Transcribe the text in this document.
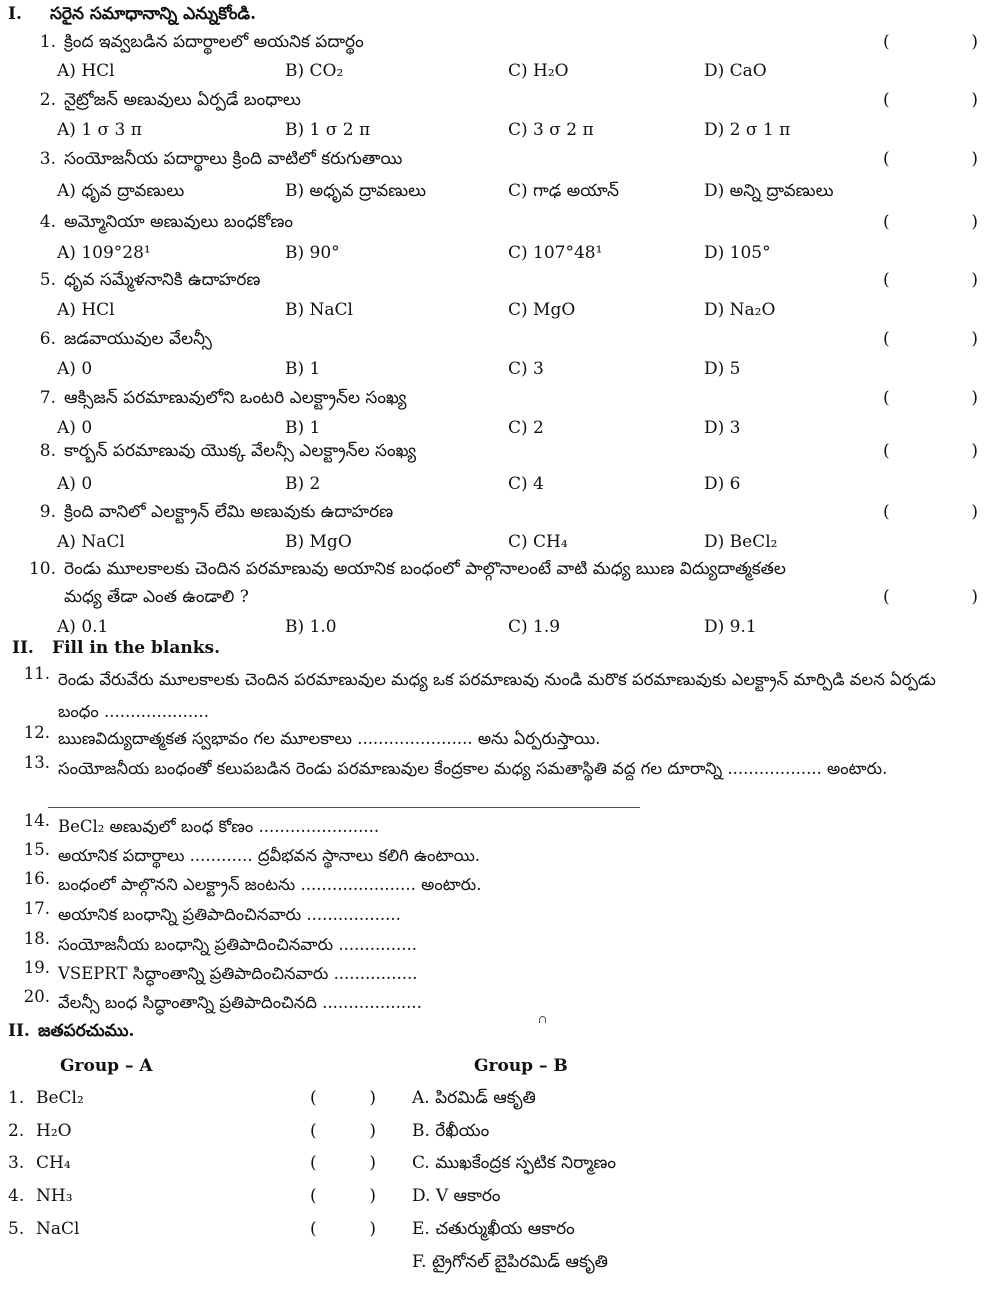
I. సరైన సమాధానాన్ని ఎన్నుకోండి.
1. క్రింద ఇవ్వబడిన పదార్థాలలో అయనిక పదార్థం	(	)
A) HCl	B) CO₂	C) H₂O	D) CaO
2. నైట్రోజన్ అణువులు ఏర్పడే బంధాలు	(	)
A) 1 σ 3 π	B) 1 σ 2 π	C) 3 σ 2 π	D) 2 σ 1 π
3. సంయోజనీయ పదార్థాలు క్రింది వాటిలో కరుగుతాయి	(	)
A) ధృవ ద్రావణులు	B) అధృవ ద్రావణులు	C) గాఢ అయాన్	D) అన్ని ద్రావణులు
4. అమ్మోనియా అణువులు బంధకోణం	(	)
A) 109°28¹	B) 90°	C) 107°48¹	D) 105°
5. ధృవ సమ్మేళనానికి ఉదాహరణ	(	)
A) HCl	B) NaCl	C) MgO	D) Na₂O
6. జడవాయువుల వేలన్సీ	(	)
A) 0	B) 1	C) 3	D) 5
7. ఆక్సిజన్ పరమాణువులోని ఒంటరి ఎలక్ట్రాన్‌ల సంఖ్య	(	)
A) 0	B) 1	C) 2	D) 3
8. కార్బన్ పరమాణువు యొక్క వేలన్సీ ఎలక్ట్రాన్‌ల సంఖ్య	(	)
A) 0	B) 2	C) 4	D) 6
9. క్రింది వానిలో ఎలక్ట్రాన్ లేమి అణువుకు ఉదాహరణ	(	)
A) NaCl	B) MgO	C) CH₄	D) BeCl₂
10. రెండు మూలకాలకు చెందిన పరమాణువు అయానిక బంధంలో పాల్గొనాలంటే వాటి మధ్య ఋణ విద్యుదాత్మకతల
మధ్య తేడా ఎంత ఉండాలి ?	(	)
A) 0.1	B) 1.0	C) 1.9	D) 9.1
II. Fill in the blanks.
11. రెండు వేరువేరు మూలకాలకు చెందిన పరమాణువుల మధ్య ఒక పరమాణువు నుండి మరొక పరమాణువుకు ఎలక్ట్రాన్ మార్పిడి వలన ఏర్పడు బంధం ....................
12. ఋణవిద్యుదాత్మకత స్వభావం గల మూలకాలు ...................... అను ఏర్పరుస్తాయి.
13. సంయోజనీయ బంధంతో కలుపబడిన రెండు పరమాణువుల కేంద్రకాల మధ్య సమతాస్థితి వద్ద గల దూరాన్ని .................. అంటారు.
14. BeCl₂ అణువులో బంధ కోణం .......................
15. అయానిక పదార్థాలు ............ ద్రవీభవన స్థానాలు కలిగి ఉంటాయి.
16. బంధంలో పాల్గొనని ఎలక్ట్రాన్ జంటను ...................... అంటారు.
17. అయానిక బంధాన్ని ప్రతిపాదించినవారు ..................
18. సంయోజనీయ బంధాన్ని ప్రతిపాదించినవారు ...............
19. VSEPRT సిద్ధాంతాన్ని ప్రతిపాదించినవారు ................
20. వేలన్సీ బంధ సిద్ధాంతాన్ని ప్రతిపాదించినది ...................
∩
II. జతపరచుము.
Group – A	Group – B
1. BeCl₂	(	) A. పిరమిడ్ ఆకృతి
2. H₂O	(	) B. రేఖీయం
3. CH₄	(	) C. ముఖకేంద్రక స్ఫటిక నిర్మాణం
4. NH₃	(	) D. V ఆకారం
5. NaCl	(	) E. చతుర్ముఖీయ ఆకారం
F. ట్రైగోనల్ బైపిరమిడ్ ఆకృతి
